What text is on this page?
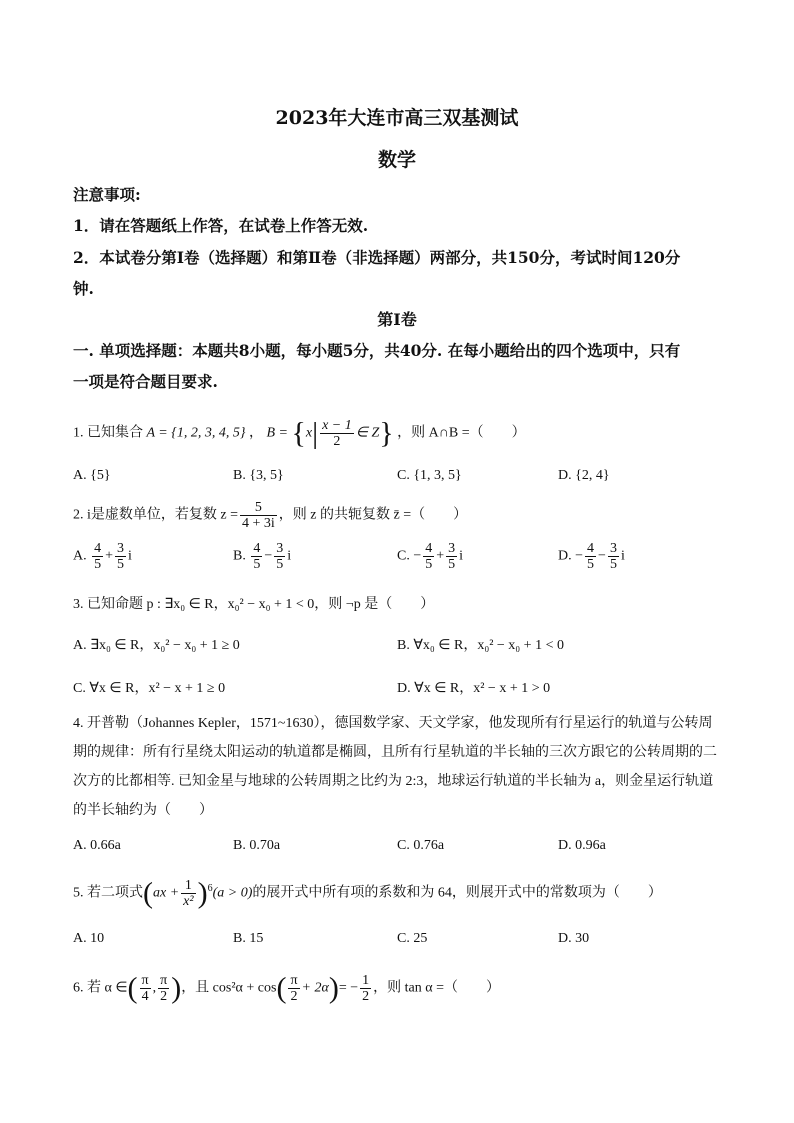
2023年大连市高三双基测试
数学
注意事项:
1．请在答题纸上作答，在试卷上作答无效.
2．本试卷分第Ⅰ卷（选择题）和第Ⅱ卷（非选择题）两部分，共150分，考试时间120分
钟.
第Ⅰ卷
一. 单项选择题：本题共8小题，每小题5分，共40分. 在每小题给出的四个选项中，只有
一项是符合题目要求.
1. 已知集合 A = {1, 2, 3, 4, 5} ， $B = \{x| \frac{x - 1}{2}$ ∈ Z} ，则 A∩B =（　　）
A. {5}	B. {3, 5}	C. {1, 3, 5}	D. {2, 4}
2. i是虚数单位，若复数 $z = \frac{5}{4 + 3i}$ ，则 z 的共轭复数 z̄ =（　　）
A. $\frac{4}{5} + \frac{3}{5}$ i	B. $\frac{4}{5} - \frac{3}{5}$ i	C. − $\frac{4}{5} + \frac{3}{5}$ i	D. − $\frac{4}{5} - \frac{3}{5}$ i
3. 已知命题 p : ∃x₀ ∈ R，x₀² − x₀ + 1 < 0，则 ¬p 是（　　）
A. ∃x₀ ∈ R，x₀² − x₀ + 1 ≥ 0	B. ∀x₀ ∈ R，x₀² − x₀ + 1 < 0
C. ∀x ∈ R，x² − x + 1 ≥ 0	D. ∀x ∈ R，x² − x + 1 > 0
4. 开普勒（Johannes Kepler，1571~1630），德国数学家、天文学家，他发现所有行星运行的轨道与公转周
期的规律：所有行星绕太阳运动的轨道都是椭圆，且所有行星轨道的半长轴的三次方跟它的公转周期的二
次方的比都相等. 已知金星与地球的公转周期之比约为 2:3，地球运行轨道的半长轴为 a，则金星运行轨道
的半长轴约为（　　）
A. 0.66a	B. 0.70a	C. 0.76a	D. 0.96a
5. 若二项式$(ax + \frac{1}{\text{x²}} )^6(a > 0)$的展开式中所有项的系数和为 64，则展开式中的常数项为（　　）
A. 10	B. 15	C. 25	D. 30
6. 若 α ∈( $\frac{\pi}{4}$ , $\frac{\pi}{2}$ )，且 $\cos^2\alpha + \cos( \frac{\pi}{2} + 2\alpha)= - \frac{1}{2}$ ，则 tan α =（　　）
